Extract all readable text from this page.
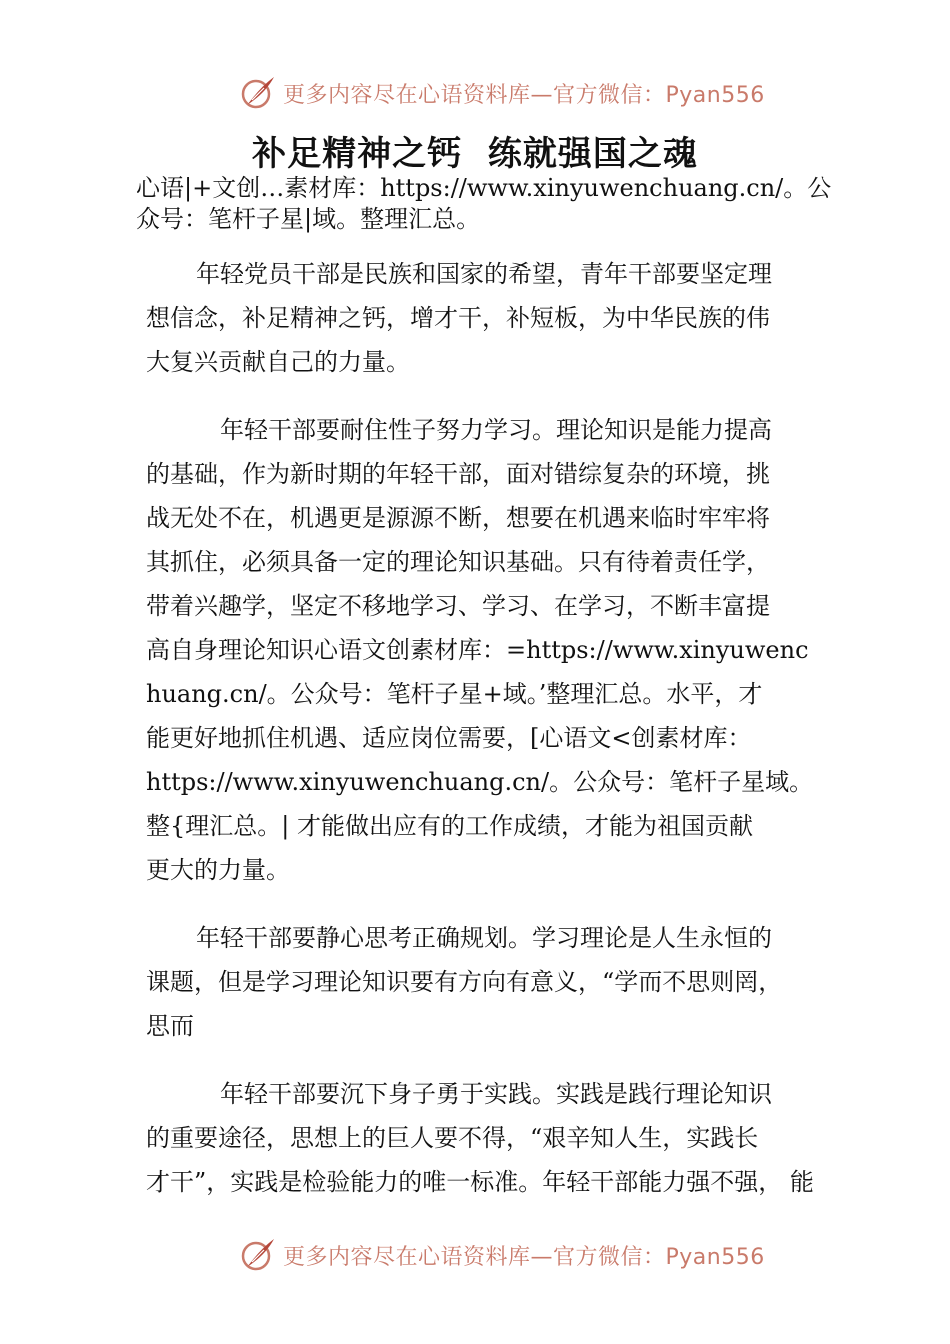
更多内容尽在心语资料库—官方微信：Pyan556
补足精神之钙  练就强国之魂
心语|+文创…素材库：https://www.xinyuwenchuang.cn/。公
众号：笔杆子星|域。整理汇总。
年轻党员干部是民族和国家的希望，青年干部要坚定理
想信念，补足精神之钙，增才干，补短板，为中华民族的伟
大复兴贡献自己的力量。
年轻干部要耐住性子努力学习。理论知识是能力提高
的基础，作为新时期的年轻干部，面对错综复杂的环境，挑
战无处不在，机遇更是源源不断，想要在机遇来临时牢牢将
其抓住，必须具备一定的理论知识基础。只有待着责任学，
带着兴趣学，坚定不移地学习、学习、在学习，不断丰富提
高自身理论知识心语文创素材库：=https://www.xinyuwenc
huang.cn/。公众号：笔杆子星+域。’整理汇总。水平，才
能更好地抓住机遇、适应岗位需要，[心语文<创素材库：
https://www.xinyuwenchuang.cn/。公众号：笔杆子星域。
整{理汇总。| 才能做出应有的工作成绩，才能为祖国贡献
更大的力量。
年轻干部要静心思考正确规划。学习理论是人生永恒的
课题，但是学习理论知识要有方向有意义，“学而不思则罔，
思而
年轻干部要沉下身子勇于实践。实践是践行理论知识
的重要途径，思想上的巨人要不得，“艰辛知人生，实践长
才干”，实践是检验能力的唯一标准。年轻干部能力强不强， 能
更多内容尽在心语资料库—官方微信：Pyan556
